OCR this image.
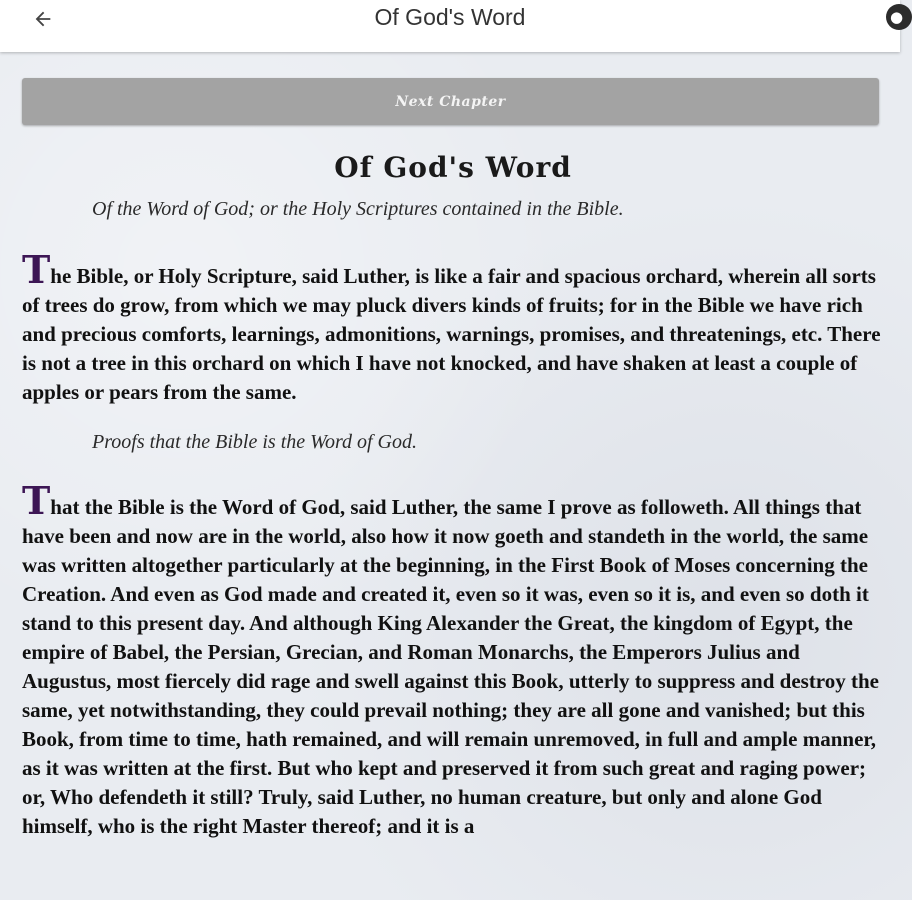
Of God's Word	●
Next Chapter
Of God's Word
Of the Word of God; or the Holy Scriptures contained in the Bible.

The Bible, or Holy Scripture, said Luther, is like a fair and spacious orchard, wherein all sorts of trees do grow, from which we may pluck divers kinds of fruits; for in the Bible we have rich and precious comforts, learnings, admonitions, warnings, promises, and threatenings, etc. There is not a tree in this orchard on which I have not knocked, and have shaken at least a couple of apples or pears from the same.

Proofs that the Bible is the Word of God.

That the Bible is the Word of God, said Luther, the same I prove as followeth. All things that have been and now are in the world, also how it now goeth and standeth in the world, the same was written altogether particularly at the beginning, in the First Book of Moses concerning the Creation. And even as God made and created it, even so it was, even so it is, and even so doth it stand to this present day. And although King Alexander the Great, the kingdom of Egypt, the empire of Babel, the Persian, Grecian, and Roman Monarchs, the Emperors Julius and Augustus, most fiercely did rage and swell against this Book, utterly to suppress and destroy the same, yet notwithstanding, they could prevail nothing; they are all gone and vanished; but this Book, from time to time, hath remained, and will remain unremoved, in full and ample manner, as it was written at the first. But who kept and preserved it from such great and raging power; or, Who defendeth it still? Truly, said Luther, no human creature, but only and alone God himself, who is the right Master thereof; and it is a
